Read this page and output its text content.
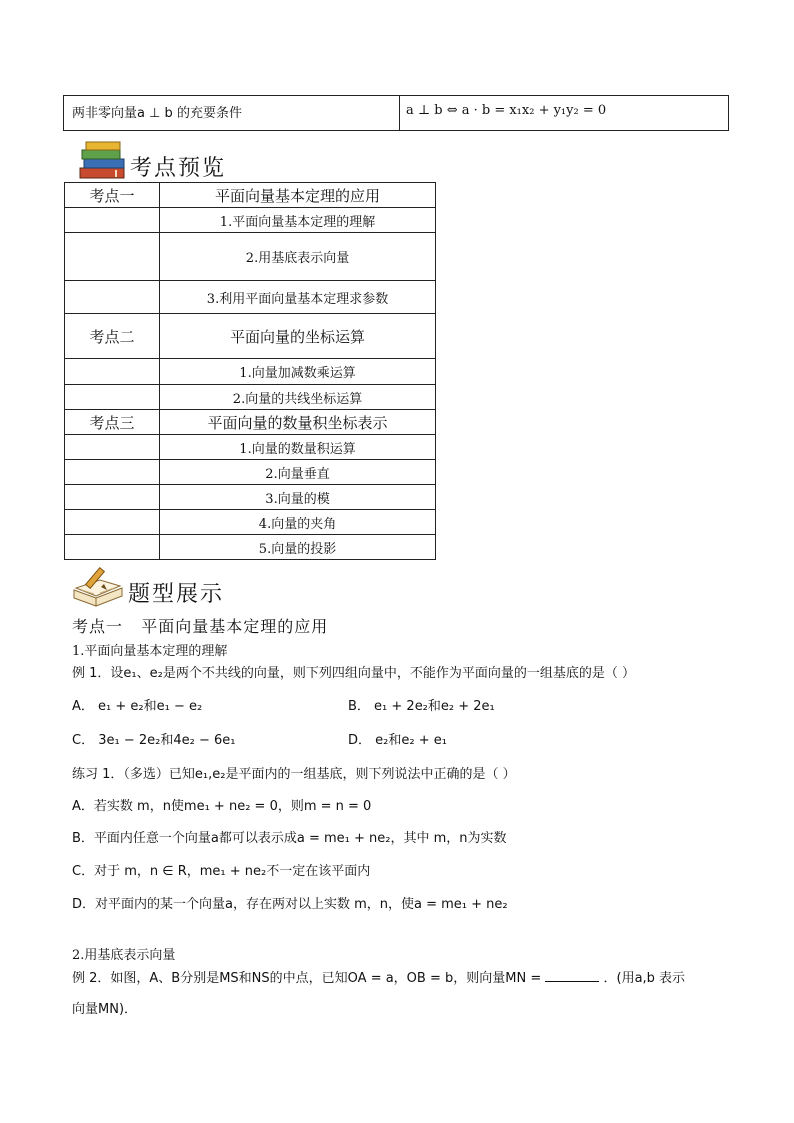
两非零向量a ⊥ b 的充要条件	a ⊥ b ⇔ a · b = x₁x₂ + y₁y₂ = 0
考点预览
考点一	平面向量基本定理的应用
	1.平面向量基本定理的理解
	2.用基底表示向量
	3.利用平面向量基本定理求参数
考点二	平面向量的坐标运算
	1.向量加减数乘运算
	2.向量的共线坐标运算
考点三	平面向量的数量积坐标表示
	1.向量的数量积运算
	2.向量垂直
	3.向量的模
	4.向量的夹角
	5.向量的投影
题型展示
考点一   平面向量基本定理的应用
1.平面向量基本定理的理解
例 1．设e₁、e₂是两个不共线的向量，则下列四组向量中，不能作为平面向量的一组基底的是（ ）
A． e₁ + e₂和e₁ − e₂	B． e₁ + 2e₂和e₂ + 2e₁
C． 3e₁ − 2e₂和4e₂ − 6e₁	D． e₂和e₂ + e₁
练习 1．（多选）已知e₁,e₂是平面内的一组基底，则下列说法中正确的是（ ）
A．若实数 m，n使me₁ + ne₂ = 0，则m = n = 0
B．平面内任意一个向量a都可以表示成a = me₁ + ne₂，其中 m，n为实数
C．对于 m，n ∈ R，me₁ + ne₂不一定在该平面内
D．对平面内的某一个向量a，存在两对以上实数 m，n，使a = me₁ + ne₂
2.用基底表示向量
例 2．如图，A、B分别是MS和NS的中点，已知OA = a，OB = b，则向量MN =	．(用a,b 表示
向量MN)．
